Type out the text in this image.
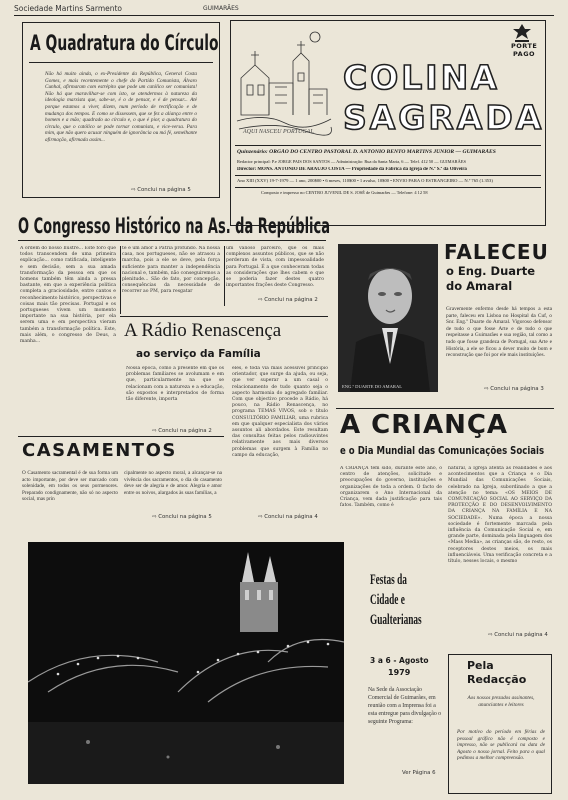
Sociedade Martins Sarmento	GUIMARÃES
A Quadratura do Círculo
Não há muito ainda, o ex-Presidente da República, General Costa Gomes, e mais recentemente o chefe do Partido Comunista, Álvaro Cunhal, afirmaram com estrépito que pode um católico ser comunista! Não há que maravilhar-se com isto, se atendermos à natureza da ideologia marxista que, sabe-se, é o de pensar, e é de pensar... Até porque estamos a viver, dizem, num período de rectificação e de mudança dos tempos. E como se dissessem, que se fez a aliança entre o homem e a mão; quadrado ao círculo e, o que é pior, a quadratura do círculo, que o católico se pode tornar comunista, e vice-versa. Para mim, que não quero acusar ninguém de ignorância ou má fé, semelhante afirmação, afirmada assim...
⇨ Conclui na página 5
AQUI NASCEU PORTUGAL
PORTE
PAGO
COLINA
SAGRADA
Quinzenário: ÓRGÃO DO CENTRO PASTORAL D. ANTÓNIO BENTO MARTINS JÚNIOR — GUIMARÃES
Redactor principal: P.e JORGE PAIS DOS SANTOS — Administração: Rua da Santa Maria, 6 — Telef. 412 50 — GUIMARÃES
Director: MONS. ANTÓNIO DE ARAÚJO COSTA — Propriedade da Fábrica da Igreja de N.ª S.ª da Oliveira
Ano XIII (XXV) 19-7-1979 — 1 ano, 200$00 • 6 meses, 110$00 • 1 avulso, 10$00 • ENVIO PARA O ESTRANGEIRO — N.º 765 (1.353)
Composto e impresso no CENTRO JUVENIL DE S. JOSÉ de Guimarães — Telefone: 4 12 58
O Congresso Histórico na As. da República
A ordem do nosso Ilustre... Este foro que todos transcendem de uma primeira explicação... como ratificada, inteligente e sem decisão, sem a sua amada transformação da pessoa em que os homens também têm ainda a pressa bastante, em que a experiência política completa a graciosidade, entre cantos e reconhecimento histórico, perspectivas e coisas mais tão precisas. Portugal e os portugueses vivem um momento importante na sua história, por ela serem uma e em perspectiva vieram também a transformação política. Este, mais além, o congresso de Deus, a manha...
te e um amor à Pátria profundo. Na nossa casa, nos portugueses, não se atrasou a marcha, pois a ele se deve, pela força suficiente para manter a independência nacional e, também, não conseguiremos a plenitude... São de fato, por concepção, consequências da necessidade de recorrer ao PM, para resgatar
um valioso parceiro, que os mais complexos assuntos públicos, que se não perderam de vista, com impessoalidade para Portugal. É a que conheceram todas as considerações que lhes cabem e que se poderia fazer destes quatro importantes frações deste Congresso.
⇨ Conclui na página 2
A Rádio Renascença
ao serviço da Família
Nossa época, como a presente em que os problemas familiares se avolumam e em que, particularmente na que se relacionam com a natureza e a educação, são expostos e interpretados de forma tão diferente, importa
eles, é toda via mais acessível princípio orientador, que surge da ajuda, ou seja, que ver superar a um casal o relacionamento de tudo quanto seja o aspecto harmonia do agregado familiar. Com que objectivo procede a Rádio, há pouco, na Rádio Renascença, no programa TEMAS VIVOS, sob o título CONSULTÓRIO FAMILIAR, uma rubrica em que qualquer especialista dos vários assuntos ali abordados. Este resultam das consultas feitas pelos radiouvintes relativamente aos mais diversos problemas que surgem à Família no campo da educação,
⇨ Conclui na página 2
⇨ Conclui na página 4
ENG.º DUARTE DO AMARAL
FALECEU
o Eng. Duarte do Amaral
Gravemente enfermo desde há tempos a esta parte, faleceu em Lisboa no Hospital da Cuf, o Snr. Eng.º Duarte do Amaral. Vigoroso defensor de tudo o que fosse Arte e de tudo o que respeitasse a Guimarães e sua região, tal como a tudo que fosse grandeza de Portugal, sua Arte e História, a ele se ficou a dever muito de bom e reconstrução que foi por ele mais instituições.
⇨ Conclui na página 3
CASAMENTOS
O Casamento sacramental é de sua forma um acto importante, por deve ser marcado com solenidade, em todos os seus pormenores. Preparado condignamente, não só no aspecto social, mas prin
cipalmente no aspecto moral, a alcançar-se na vivência dos sacramentos, o dia do casamento deve ser de alegria e de amor. Alegria e amor entre os noivos, alargados às suas famílias, a
⇨ Conclui na página 5
A CRIANÇA
e o Dia Mundial das Comunicações Sociais
A CRIANÇA tem sido, durante este ano, o centro de atenções, solicitude e preocupações do governo, instituições e organizações de toda a ordem. O facto de organizarem o Ano Internacional da Criança, vem dada justificação para tais fatos. Também, como é
natural, a Igreja atenta às realidades e aos acontecimentos que a Criança e o Dia Mundial das Comunicações Sociais, celebrado na Igreja, subordinado a que a atenção no tema: «OS MEIOS DE COMUNICAÇÃO SOCIAL AO SERVIÇO DA PROTECÇÃO E DO DESENVOLVIMENTO DA CRIANÇA NA FAMÍLIA E NA SOCIEDADE». Numa época a nossa sociedade é fortemente marcada pela influência da Comunicação Social e, em grande parte, dominada pela linguagem dos «Mass Media», as crianças são, de resto, os receptores destes meios, os mais influenciáveis. Uma verificação concreta e a título, nesses locais, o mesmo
⇨ Conclui na página 4
Festas da
Cidade e
Gualterianas
3 a 6 - Agosto
1979
Na Sede da Associação Comercial de Guimarães, em reunião com a Imprensa foi a esta entregue para divulgação o seguinte Programa:
Ver Página 6
Pela
Redacção
Aos nossos prezados assinantes, anunciantes e leitores
Por motivo do período em férias de pessoal gráfico não é composto e impresso, não se publicará na data de Agosto o nosso jornal. Feito para o qual pedimos a melhor compreensão.
